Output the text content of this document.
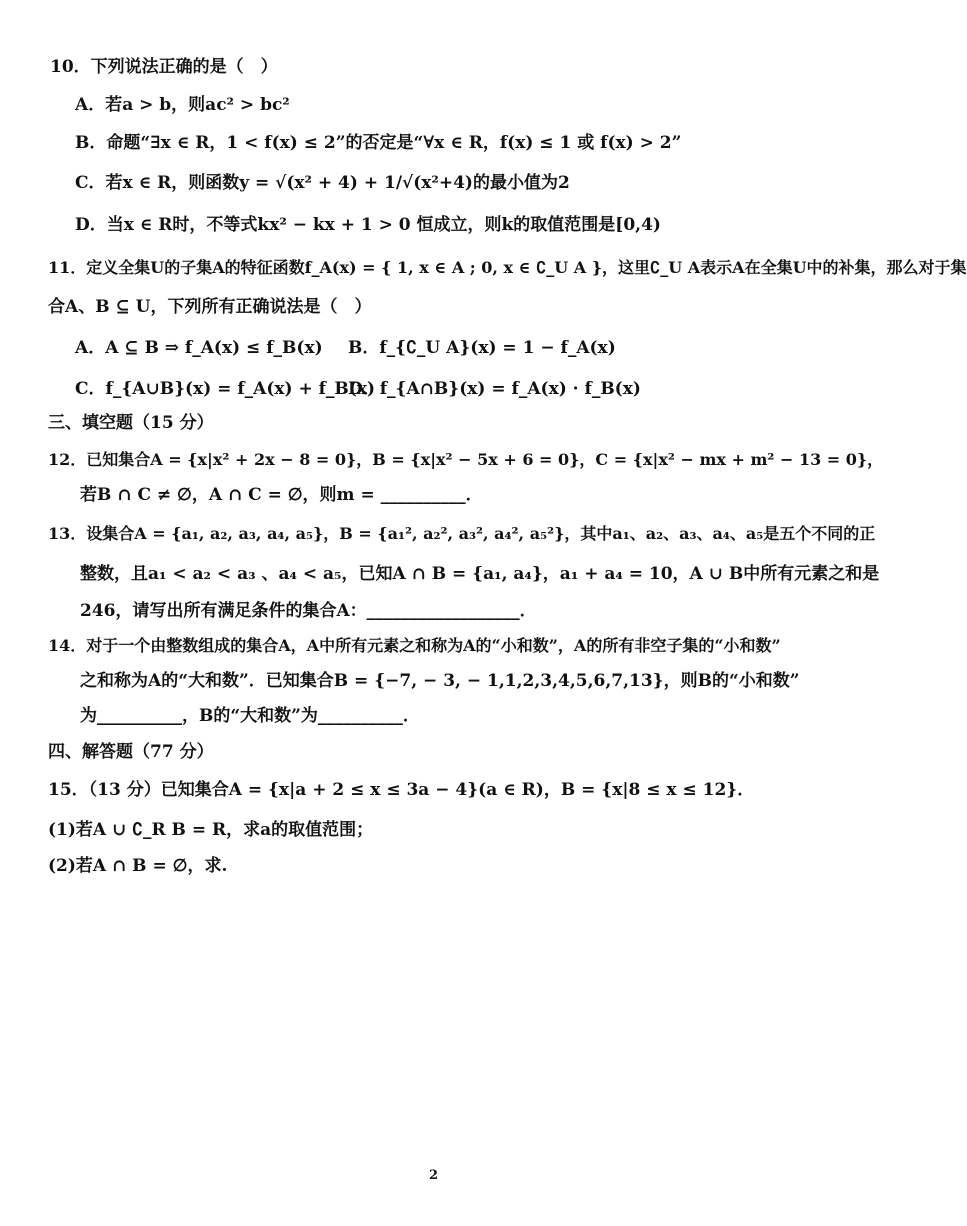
10．下列说法正确的是（　）
A．若a > b，则ac² > bc²
B．命题“∃x ∈ R，1 < f(x) ≤ 2”的否定是“∀x ∈ R，f(x) ≤ 1 或 f(x) > 2”
C．若x ∈ R，则函数y = √(x² + 4) + 1/√(x²+4)的最小值为2
D．当x ∈ R时，不等式kx² − kx + 1 > 0 恒成立，则k的取值范围是[0,4)
11．定义全集U的子集A的特征函数f_A(x) = { 1, x ∈ A ; 0, x ∈ ∁_U A }，这里∁_U A表示A在全集U中的补集，那么对于集
合A、B ⊆ U，下列所有正确说法是（　）
A．A ⊆ B ⇒ f_A(x) ≤ f_B(x) B．f_{∁_U A}(x) = 1 − f_A(x)
C．f_{A∪B}(x) = f_A(x) + f_B(x)
D．f_{A∩B}(x) = f_A(x) · f_B(x)
三、填空题（15 分）
12．已知集合A = {x|x² + 2x − 8 = 0}，B = {x|x² − 5x + 6 = 0}，C = {x|x² − mx + m² − 13 = 0}，
若B ∩ C ≠ ∅，A ∩ C = ∅，则m = __________．
13．设集合A = {a₁, a₂, a₃, a₄, a₅}，B = {a₁², a₂², a₃², a₄², a₅²}，其中a₁、a₂、a₃、a₄、a₅是五个不同的正
整数，且a₁ < a₂ < a₃ 、a₄ < a₅，已知A ∩ B = {a₁, a₄}，a₁ + a₄ = 10，A ∪ B中所有元素之和是
246，请写出所有满足条件的集合A：__________________．
14．对于一个由整数组成的集合A，A中所有元素之和称为A的“小和数”，A的所有非空子集的“小和数”
之和称为A的“大和数”．已知集合B = {−7, − 3, − 1,1,2,3,4,5,6,7,13}，则B的“小和数”
为__________，B的“大和数”为__________．
四、解答题（77 分）
15．（13 分）已知集合A = {x|a + 2 ≤ x ≤ 3a − 4}(a ∈ R)，B = {x|8 ≤ x ≤ 12}．
(1)若A ∪ ∁_R B = R，求a的取值范围；
(2)若A ∩ B = ∅，求.
2
